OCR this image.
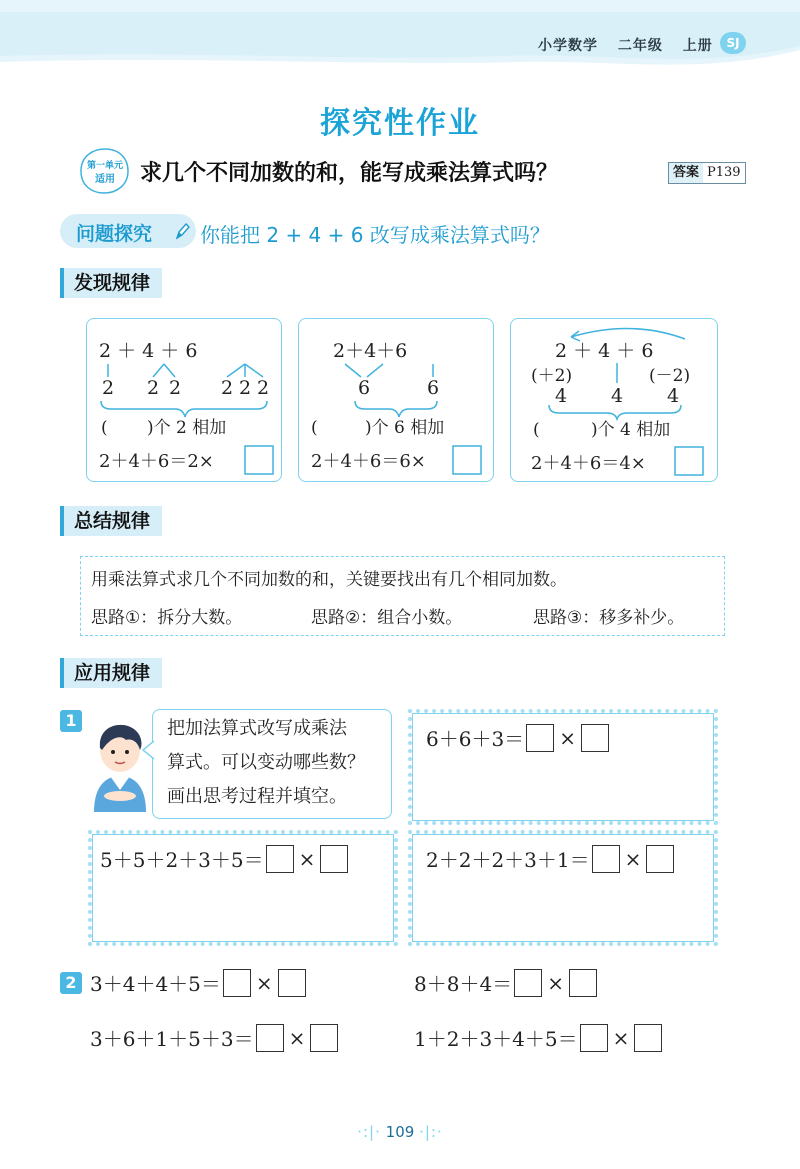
小学数学 二年级 上册	SJ
探究性作业
第一单元
适用 求几个不同加数的和，能写成乘法算式吗？	答案 P139
问题探究 你能把 2 + 4 + 6 改写成乘法算式吗？
发现规律
2 ＋ 4 ＋ 6
2 2 2 2 2 2
( )个 2 相加
2＋4＋6＝2×
2＋4＋6
6	6
(	)个 6 相加
2＋4＋6＝6×
2 ＋ 4 ＋ 6
(＋2)	(－2)
4 4 4
(	)个 4 相加
2＋4＋6＝4×
总结规律
用乘法算式求几个不同加数的和，关键要找出有几个相同加数。
思路①：拆分大数。	思路②：组合小数。	思路③：移多补少。
应用规律
1	把加法算式改写成乘法
算式。可以变动哪些数？
画出思考过程并填空。
6＋6＋3＝ ×
5＋5＋2＋3＋5＝ ×	2＋2＋2＋3＋1＝ ×
2 3＋4＋4＋5＝ ×	8＋8＋4＝ ×
3＋6＋1＋5＋3＝ ×	1＋2＋3＋4＋5＝ ×
·:|· 109 ·|:·
